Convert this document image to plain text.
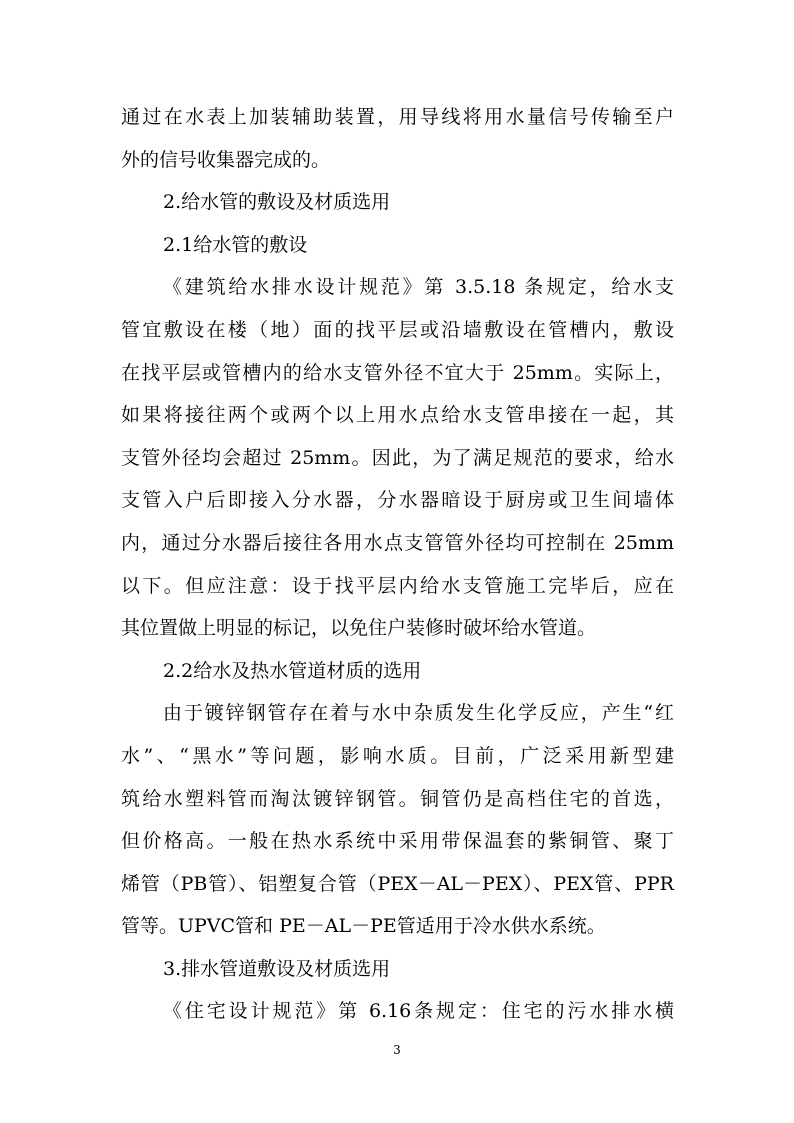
通过在水表上加装辅助装置，用导线将用水量信号传输至户
外的信号收集器完成的。
2.给水管的敷设及材质选用
2.1给水管的敷设
《建筑给水排水设计规范》第 3.5.18 条规定，给水支
管宜敷设在楼（地）面的找平层或沿墙敷设在管槽内，敷设
在找平层或管槽内的给水支管外径不宜大于 25mm。实际上，
如果将接往两个或两个以上用水点给水支管串接在一起，其
支管外径均会超过 25mm。因此，为了满足规范的要求，给水
支管入户后即接入分水器，分水器暗设于厨房或卫生间墙体
内，通过分水器后接往各用水点支管管外径均可控制在 25mm
以下。但应注意：设于找平层内给水支管施工完毕后，应在
其位置做上明显的标记，以免住户装修时破坏给水管道。
2.2给水及热水管道材质的选用
由于镀锌钢管存在着与水中杂质发生化学反应，产生“红
水”、“黑水”等问题，影响水质。目前，广泛采用新型建
筑给水塑料管而淘汰镀锌钢管。铜管仍是高档住宅的首选，
但价格高。一般在热水系统中采用带保温套的紫铜管、聚丁
烯管（PB管）、铝塑复合管（PEX－AL－PEX）、PEX管、PPR
管等。UPVC管和 PE－AL－PE管适用于冷水供水系统。
3.排水管道敷设及材质选用
《住宅设计规范》第 6.16条规定：住宅的污水排水横
3
